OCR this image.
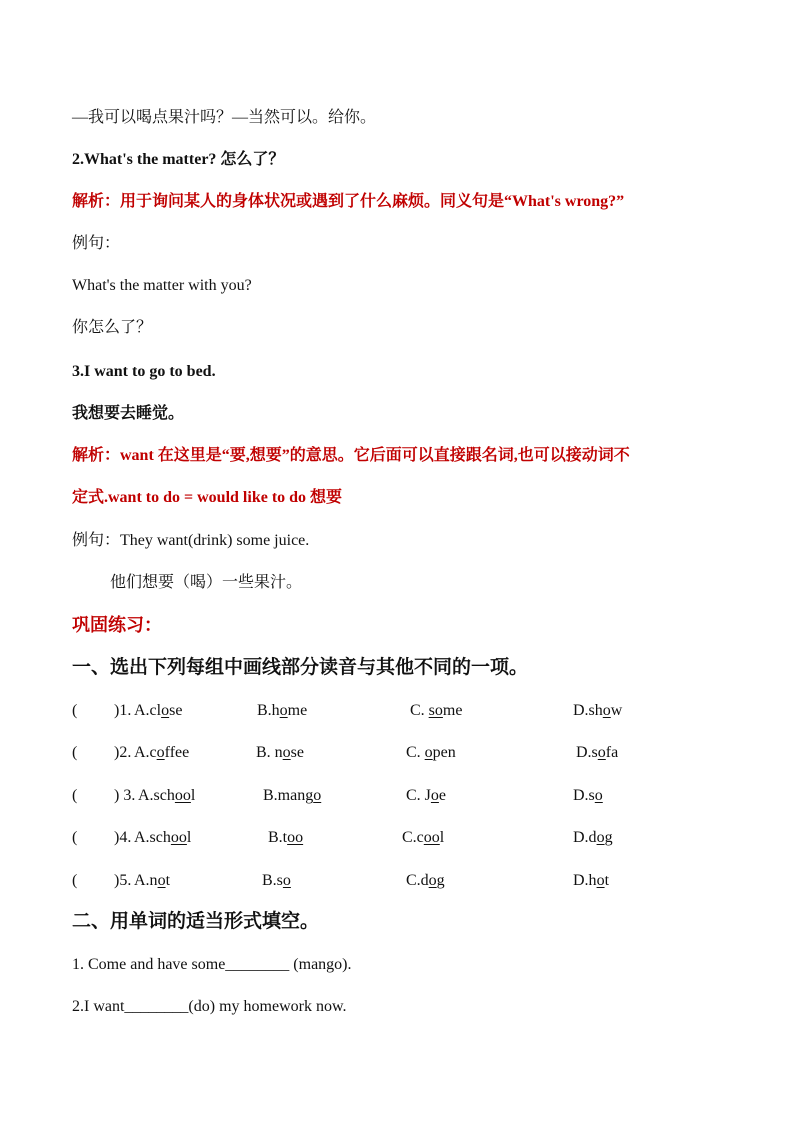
—我可以喝点果汁吗？—当然可以。给你。
2.What's the matter? 怎么了？
解析：用于询问某人的身体状况或遇到了什么麻烦。同义句是“What's wrong?”
例句：
What's the matter with you?
你怎么了？
3.I want to go to bed.
我想要去睡觉。
解析：want 在这里是“要,想要”的意思。它后面可以直接跟名词,也可以接动词不
定式.want to do = would like to do 想要
例句：They want(drink) some juice.
他们想要（喝）一些果汁。
巩固练习：
一、选出下列每组中画线部分读音与其他不同的一项。
( )1. A.close	B.home	C. some	D.show
( )2. A.coffee	B. nose	C. open	D.sofa
( ) 3. A.school	B.mango	C. Joe	D.so
( )4. A.school	B.too	C.cool	D.dog
( )5. A.not	B.so	C.dog	D.hot
二、用单词的适当形式填空。
1. Come and have some________ (mango).
2.I want________(do) my homework now.
